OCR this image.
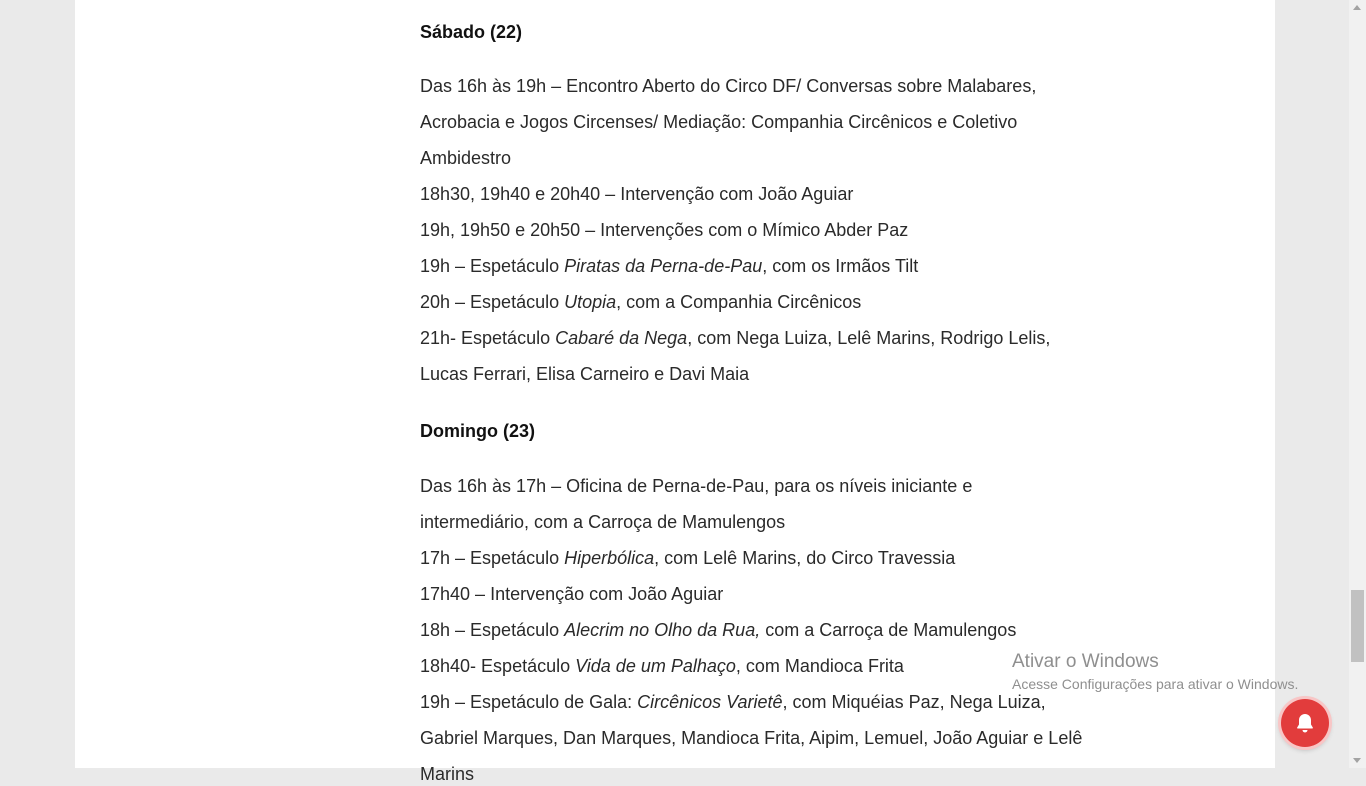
Sábado (22)
Das 16h às 19h – Encontro Aberto do Circo DF/ Conversas sobre Malabares,
Acrobacia e Jogos Circenses/ Mediação: Companhia Circênicos e Coletivo
Ambidestro
18h30, 19h40 e 20h40 – Intervenção com João Aguiar
19h, 19h50 e 20h50 – Intervenções com o Mímico Abder Paz
19h – Espetáculo Piratas da Perna-de-Pau, com os Irmãos Tilt
20h – Espetáculo Utopia, com a Companhia Circênicos
21h- Espetáculo Cabaré da Nega, com Nega Luiza, Lelê Marins, Rodrigo Lelis,
Lucas Ferrari, Elisa Carneiro e Davi Maia
Domingo (23)
Das 16h às 17h – Oficina de Perna-de-Pau, para os níveis iniciante e
intermediário, com a Carroça de Mamulengos
17h – Espetáculo Hiperbólica, com Lelê Marins, do Circo Travessia
17h40 – Intervenção com João Aguiar
18h – Espetáculo Alecrim no Olho da Rua, com a Carroça de Mamulengos
18h40- Espetáculo Vida de um Palhaço, com Mandioca Frita
19h – Espetáculo de Gala: Circênicos Varietê, com Miquéias Paz, Nega Luiza,
Gabriel Marques, Dan Marques, Mandioca Frita, Aipim, Lemuel, João Aguiar e Lelê
Marins
Ativar o Windows
Acesse Configurações para ativar o Windows.
